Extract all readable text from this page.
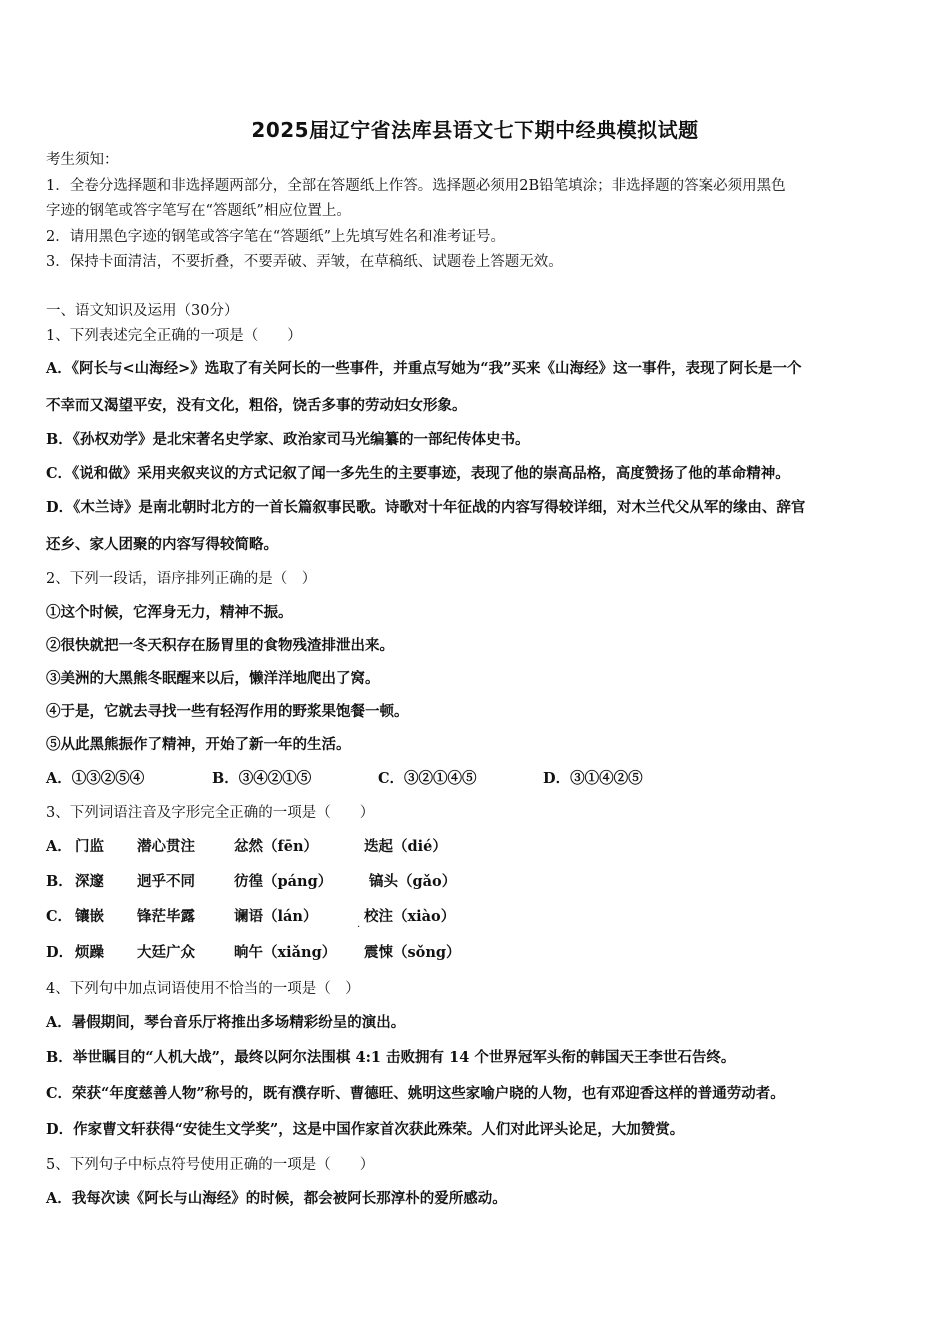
2025届辽宁省法库县语文七下期中经典模拟试题
考生须知：
1．全卷分选择题和非选择题两部分，全部在答题纸上作答。选择题必须用2B铅笔填涂；非选择题的答案必须用黑色
字迹的钢笔或答字笔写在“答题纸”相应位置上。
2．请用黑色字迹的钢笔或答字笔在“答题纸”上先填写姓名和准考证号。
3．保持卡面清洁，不要折叠，不要弄破、弄皱，在草稿纸、试题卷上答题无效。
一、语文知识及运用（30分）
1、下列表述完全正确的一项是（　　）
A．《阿长与<山海经>》选取了有关阿长的一些事件，并重点写她为“我”买来《山海经》这一事件，表现了阿长是一个
不幸而又渴望平安，没有文化，粗俗，饶舌多事的劳动妇女形象。
B．《孙权劝学》是北宋著名史学家、政治家司马光编纂的一部纪传体史书。
C．《说和做》采用夹叙夹议的方式记叙了闻一多先生的主要事迹，表现了他的崇高品格，高度赞扬了他的革命精神。
D．《木兰诗》是南北朝时北方的一首长篇叙事民歌。诗歌对十年征战的内容写得较详细，对木兰代父从军的缘由、辞官
还乡、家人团聚的内容写得较简略。
2、下列一段话，语序排列正确的是（　）
①这个时候，它浑身无力，精神不振。
②很快就把一冬天积存在肠胃里的食物残渣排泄出来。
③美洲的大黑熊冬眠醒来以后，懒洋洋地爬出了窝。
④于是，它就去寻找一些有轻泻作用的野浆果饱餐一顿。
⑤从此黑熊振作了精神，开始了新一年的生活。
A．①③②⑤④	B．③④②①⑤	C．③②①④⑤	D．③①④②⑤
3、下列词语注音及字形完全正确的一项是（　　）
A． 门监 潜心贯注	忿然（fēn）	迭起（dié）
B． 深邃 迥乎不同	彷徨（páng）	镐头（gǎo）
C． 镶嵌 锋茫毕露	谰语（lán）	校注（xiào）
·
D． 烦躁 大廷广众	晌午（xiǎng） 震悚（sǒng）
4、下列句中加点词语使用不恰当的一项是（　）
A．暑假期间，琴台音乐厅将推出多场精彩纷呈的演出。
B．举世瞩目的“人机大战”，最终以阿尔法围棋 4:1 击败拥有 14 个世界冠军头衔的韩国天王李世石告终。
C．荣获“年度慈善人物”称号的，既有濮存昕、曹德旺、姚明这些家喻户晓的人物，也有邓迎香这样的普通劳动者。
D．作家曹文轩获得“安徒生文学奖”，这是中国作家首次获此殊荣。人们对此评头论足，大加赞赏。
5、下列句子中标点符号使用正确的一项是（　　）
A．我每次读《阿长与山海经》的时候，都会被阿长那淳朴的爱所感动。
